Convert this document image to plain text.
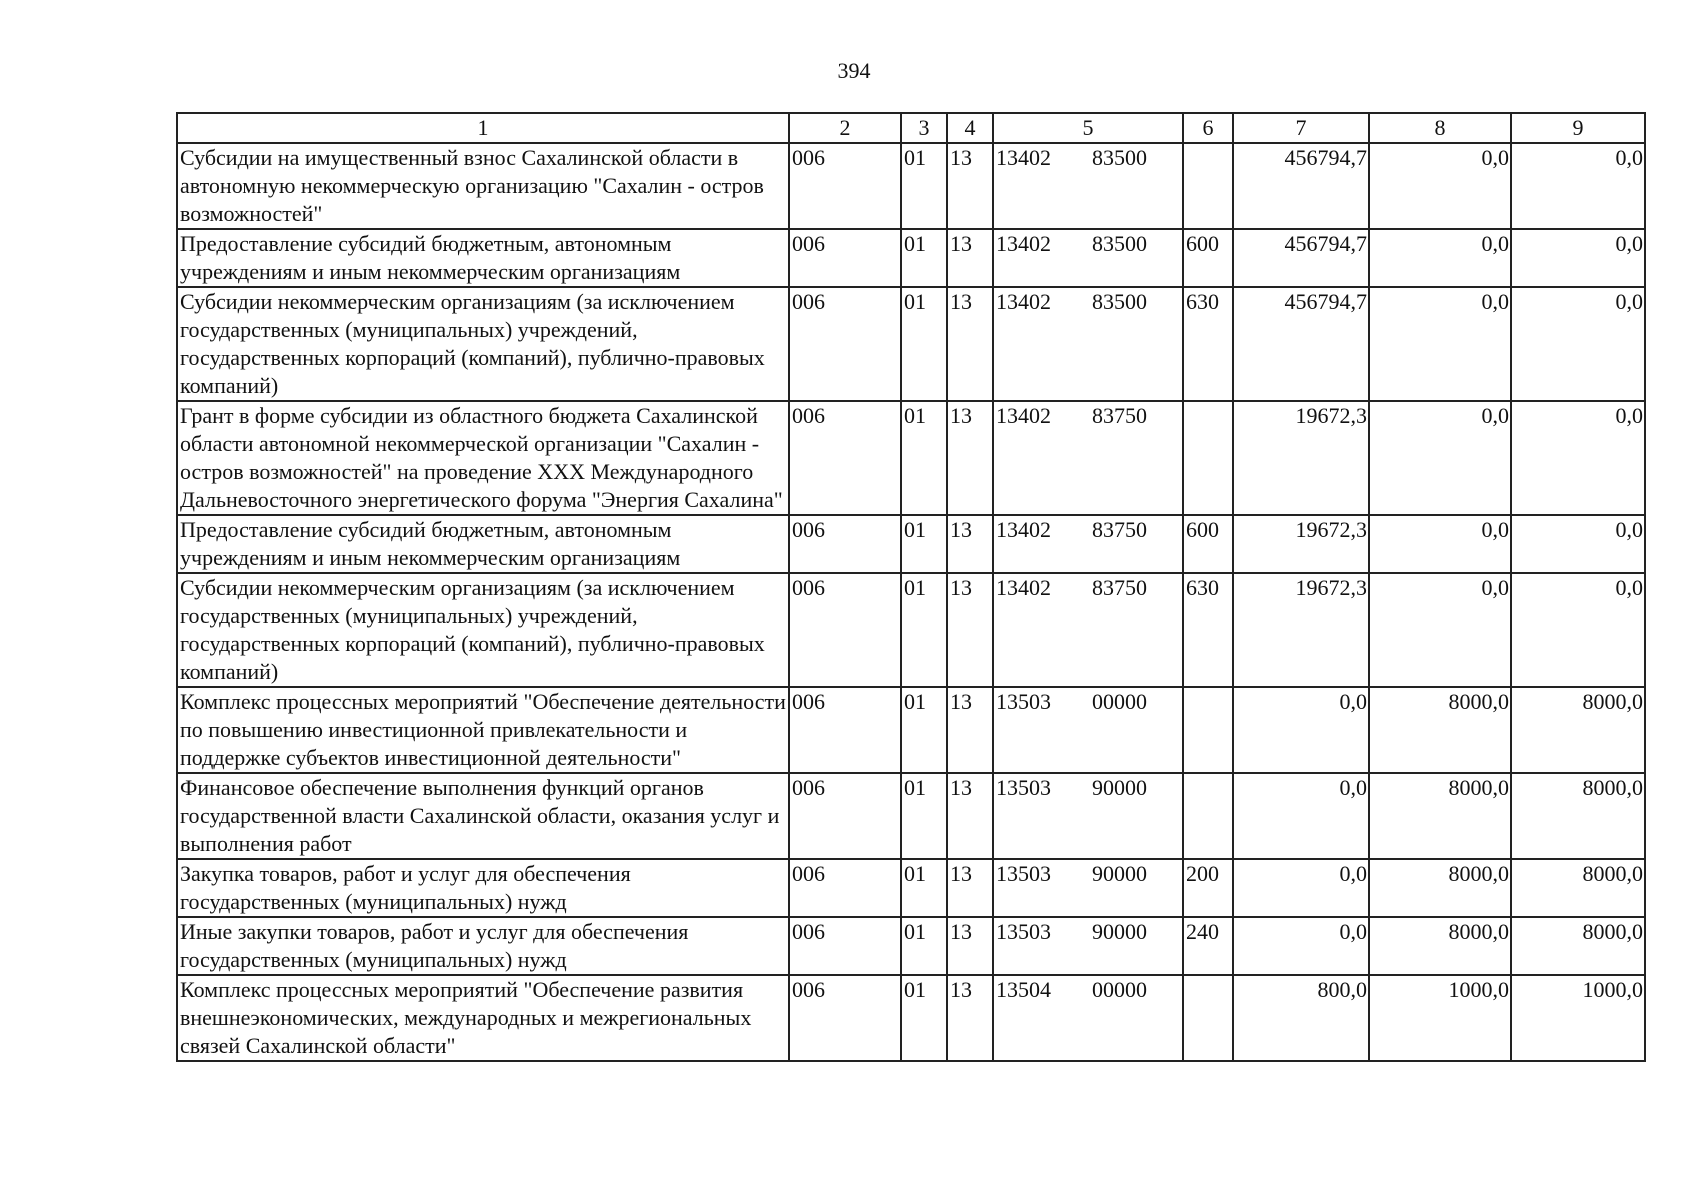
394
1	2	3	4	5	6	7	8	9
Субсидии на имущественный взнос Сахалинской области в автономную некоммерческую организацию "Сахалин - остров возможностей"	006	01	13	13402 83500		456794,7	0,0	0,0
Предоставление субсидий бюджетным, автономным учреждениям и иным некоммерческим организациям	006	01	13	13402 83500	600	456794,7	0,0	0,0
Субсидии некоммерческим организациям (за исключением государственных (муниципальных) учреждений, государственных корпораций (компаний), публично-правовых компаний)	006	01	13	13402 83500	630	456794,7	0,0	0,0
Грант в форме субсидии из областного бюджета Сахалинской области автономной некоммерческой организации "Сахалин - остров возможностей" на проведение XXX Международного Дальневосточного энергетического форума "Энергия Сахалина"	006	01	13	13402 83750		19672,3	0,0	0,0
Предоставление субсидий бюджетным, автономным учреждениям и иным некоммерческим организациям	006	01	13	13402 83750	600	19672,3	0,0	0,0
Субсидии некоммерческим организациям (за исключением государственных (муниципальных) учреждений, государственных корпораций (компаний), публично-правовых компаний)	006	01	13	13402 83750	630	19672,3	0,0	0,0
Комплекс процессных мероприятий "Обеспечение деятельности по повышению инвестиционной привлекательности и поддержке субъектов инвестиционной деятельности"	006	01	13	13503 00000		0,0	8000,0	8000,0
Финансовое обеспечение выполнения функций органов государственной власти Сахалинской области, оказания услуг и выполнения работ	006	01	13	13503 90000		0,0	8000,0	8000,0
Закупка товаров, работ и услуг для обеспечения государственных (муниципальных) нужд	006	01	13	13503 90000	200	0,0	8000,0	8000,0
Иные закупки товаров, работ и услуг для обеспечения государственных (муниципальных) нужд	006	01	13	13503 90000	240	0,0	8000,0	8000,0
Комплекс процессных мероприятий "Обеспечение развития внешнеэкономических, международных и межрегиональных связей Сахалинской области"	006	01	13	13504 00000		800,0	1000,0	1000,0
